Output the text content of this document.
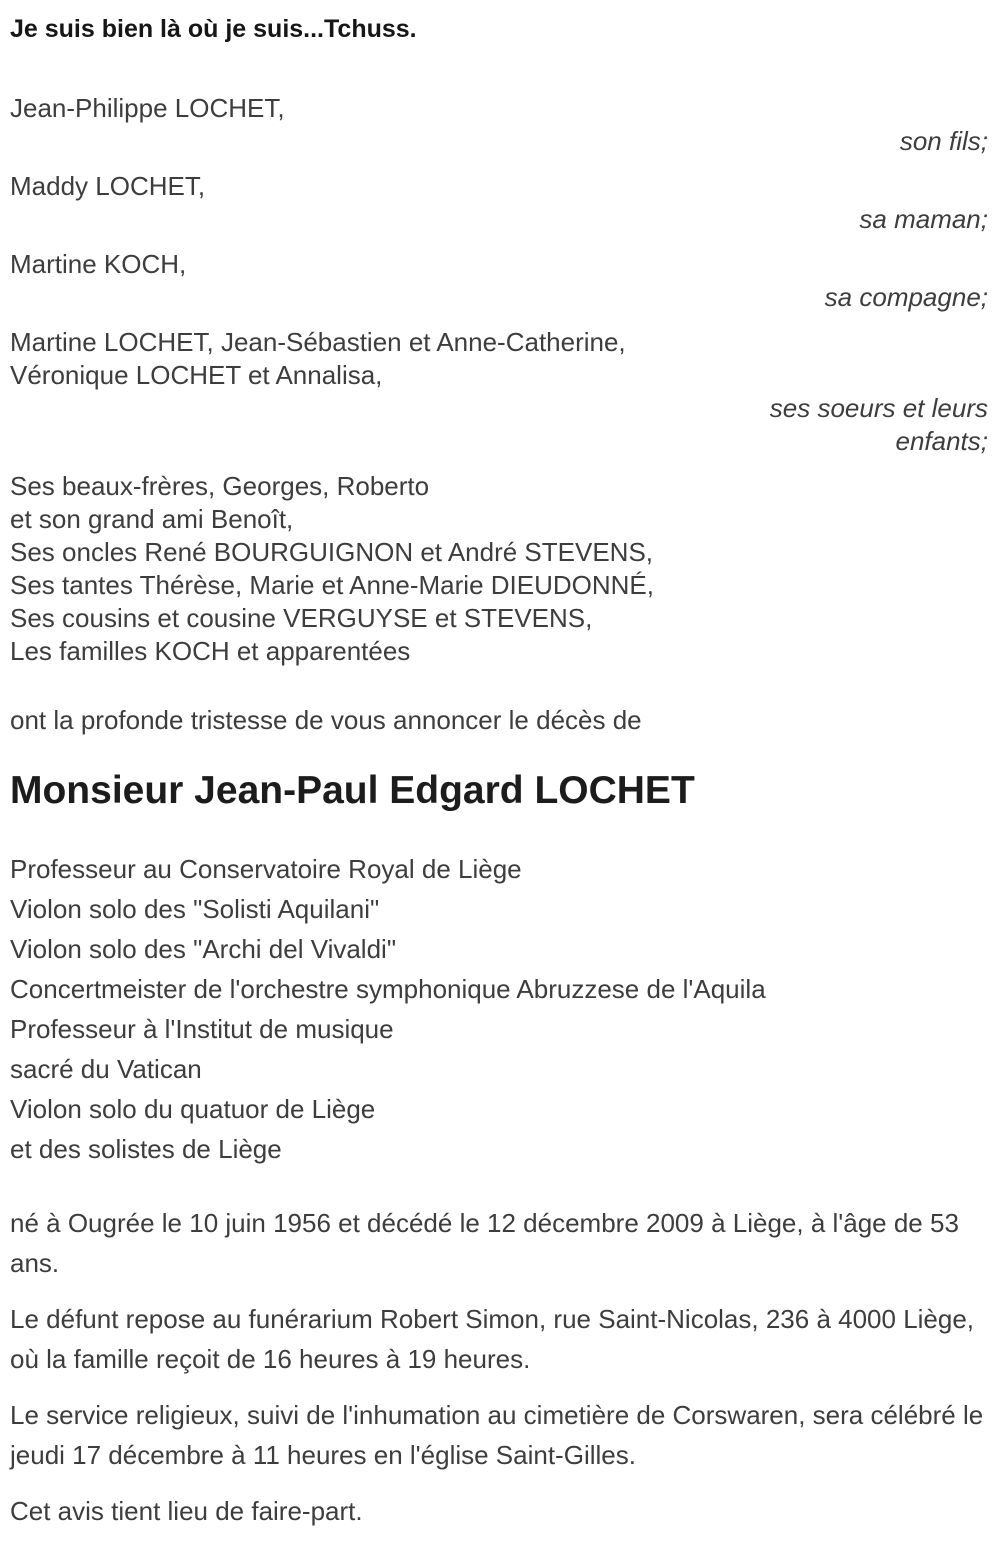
Je suis bien là où je suis...Tchuss.

Jean-Philippe LOCHET,

son fils;

Maddy LOCHET,

sa maman;

Martine KOCH,

sa compagne;

Martine LOCHET, Jean-Sébastien et Anne-Catherine,

Véronique LOCHET et Annalisa,

ses soeurs et leurs enfants;

Ses beaux-frères, Georges, Roberto

et son grand ami Benoît,

Ses oncles René BOURGUIGNON et André STEVENS,

Ses tantes Thérèse, Marie et Anne-Marie DIEUDONNÉ,

Ses cousins et cousine VERGUYSE et STEVENS,

Les familles KOCH et apparentées

ont la profonde tristesse de vous annoncer le décès de

Monsieur Jean-Paul Edgard LOCHET

Professeur au Conservatoire Royal de Liège

Violon solo des "Solisti Aquilani"

Violon solo des "Archi del Vivaldi"

Concertmeister de l'orchestre symphonique Abruzzese de l'Aquila

Professeur à l'Institut de musique

sacré du Vatican

Violon solo du quatuor de Liège

et des solistes de Liège

né à Ougrée le 10 juin 1956 et décédé le 12 décembre 2009 à Liège, à l'âge de 53 ans.

Le défunt repose au funérarium Robert Simon, rue Saint-Nicolas, 236 à 4000 Liège, où la famille reçoit de 16 heures à 19 heures.

Le service religieux, suivi de l'inhumation au cimetière de Corswaren, sera célébré le jeudi 17 décembre à 11 heures en l'église Saint-Gilles.

Cet avis tient lieu de faire-part.
